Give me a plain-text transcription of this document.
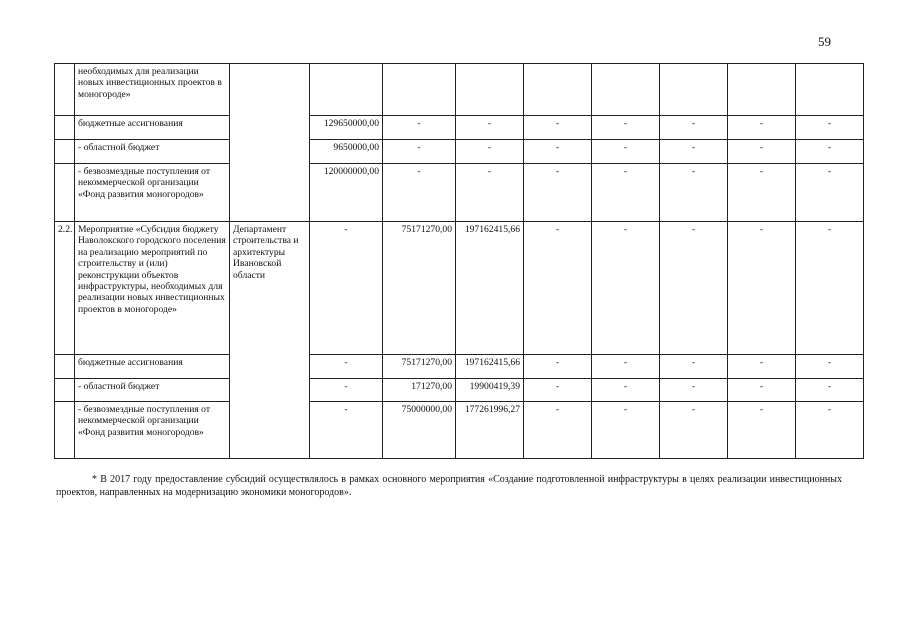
59
	необходимых для реализации новых инвестиционных проектов в моногороде»										
	бюджетные ассигнования		129650000,00	-	-	-	-	-	-	-	
	- областной бюджет		9650000,00	-	-	-	-	-	-	-	
	- безвозмездные поступления от некоммерческой организации «Фонд развития моногородов»		120000000,00	-	-	-	-	-	-	-	
2.2.	Мероприятие «Субсидия бюджету Наволокского городского поселения на реализацию мероприятий по строительству и (или) реконструкции объектов инфраструктуры, необходимых для реализации новых инвестиционных проектов в моногороде»	Департамент строительства и архитектуры Ивановской области	-	75171270,00	197162415,66	-	-	-	-	-	
	бюджетные ассигнования		-	75171270,00	197162415,66	-	-	-	-	-	
	- областной бюджет		-	171270,00	19900419,39	-	-	-	-	-	
	- безвозмездные поступления от некоммерческой организации «Фонд развития моногородов»		-	75000000,00	177261996,27	-	-	-	-	-	
* В 2017 году предоставление субсидий осуществлялось в рамках основного мероприятия «Создание подготовленной инфраструктуры в целях реализации инвестиционных проектов, направленных на модернизацию экономики моногородов».
